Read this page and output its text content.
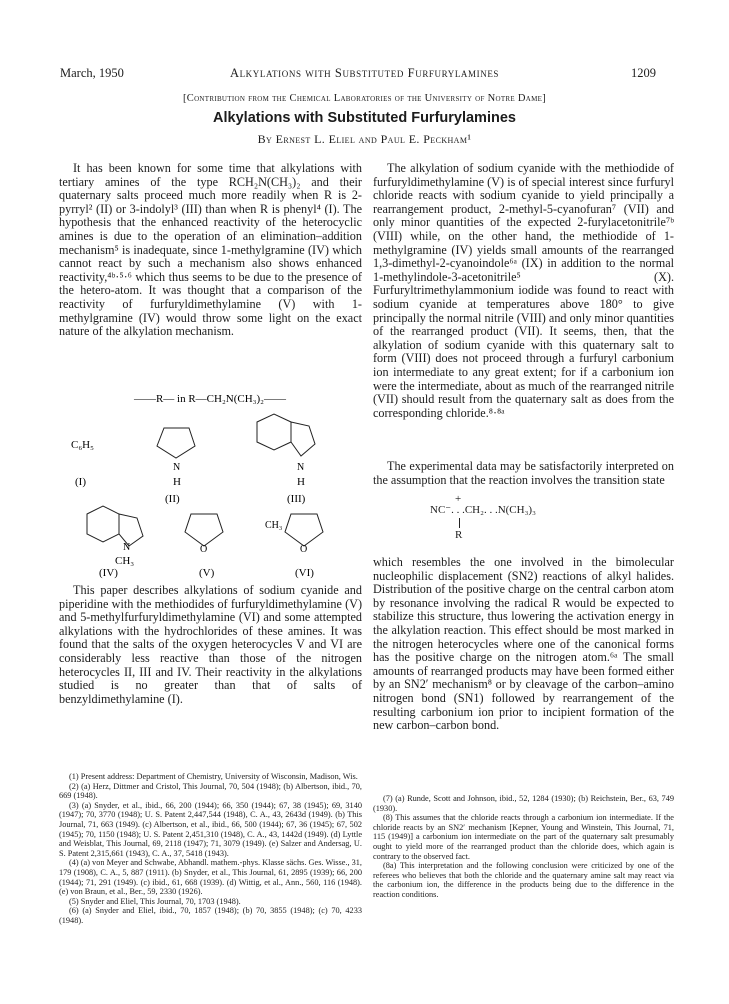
March, 1950	Alkylations with Substituted Furfurylamines	1209
[Contribution from the Chemical Laboratories of the University of Notre Dame]
Alkylations with Substituted Furfurylamines
By Ernest L. Eliel and Paul E. Peckham¹

It has been known for some time that alkylations with tertiary amines of the type RCH₂N(CH₃)₂ and their quaternary salts proceed much more readily when R is 2-pyrryl² (II) or 3-indolyl³ (III) than when R is phenyl⁴ (I). The hypothesis that the enhanced reactivity of the heterocyclic amines is due to the operation of an elimination–addition mechanism⁵ is inadequate, since 1-methylgramine (IV) which cannot react by such a mechanism also shows enhanced reactivity,⁴ᵇ·⁵·⁶ which thus seems to be due to the presence of the hetero-atom. It was thought that a comparison of the reactivity of furfuryldimethylamine (V) with 1-methylgramine (IV) would throw some light on the exact nature of the alkylation mechanism.

——R— in R—CH₂N(CH₃)₂——
C₆H₅
N
H
N
H
(I)
(II)	(III)
N
CH₃
O
CH₃
O
(IV)	(V)	(VI)

This paper describes alkylations of sodium cyanide and piperidine with the methiodides of furfuryldimethylamine (V) and 5-methylfurfuryldimethylamine (VI) and some attempted alkylations with the hydrochlorides of these amines. It was found that the salts of the oxygen heterocycles V and VI are considerably less reactive than those of the nitrogen heterocycles II, III and IV. Their reactivity in the alkylations studied is no greater than that of salts of benzyldimethylamine (I).

(1) Present address: Department of Chemistry, University of Wisconsin, Madison, Wis.

(2) (a) Herz, Dittmer and Cristol, This Journal, 70, 504 (1948); (b) Albertson, ibid., 70, 669 (1948).

(3) (a) Snyder, et al., ibid., 66, 200 (1944); 66, 350 (1944); 67, 38 (1945); 69, 3140 (1947); 70, 3770 (1948); U. S. Patent 2,447,544 (1948), C. A., 43, 2643d (1949). (b) This Journal, 71, 663 (1949). (c) Albertson, et al., ibid., 66, 500 (1944); 67, 36 (1945); 67, 502 (1945); 70, 1150 (1948); U. S. Patent 2,451,310 (1948), C. A., 43, 1442d (1949). (d) Lyttle and Weisblat, This Journal, 69, 2118 (1947); 71, 3079 (1949). (e) Salzer and Andersag, U. S. Patent 2,315,661 (1943), C. A., 37, 5418 (1943).

(4) (a) von Meyer and Schwabe, Abhandl. mathem.-phys. Klasse sächs. Ges. Wisse., 31, 179 (1908), C. A., 5, 887 (1911). (b) Snyder, et al., This Journal, 61, 2895 (1939); 66, 200 (1944); 71, 291 (1949). (c) ibid., 61, 668 (1939). (d) Wittig, et al., Ann., 560, 116 (1948). (e) von Braun, et al., Ber., 59, 2330 (1926).

(5) Snyder and Eliel, This Journal, 70, 1703 (1948).

(6) (a) Snyder and Eliel, ibid., 70, 1857 (1948); (b) 70, 3855 (1948); (c) 70, 4233 (1948).

The alkylation of sodium cyanide with the methiodide of furfuryldimethylamine (V) is of special interest since furfuryl chloride reacts with sodium cyanide to yield principally a rearrangement product, 2-methyl-5-cyanofuran⁷ (VII) and only minor quantities of the expected 2-furylacetonitrile⁷ᵇ (VIII) while, on the other hand, the methiodide of 1-methylgramine (IV) yields small amounts of the rearranged 1,3-dimethyl-2-cyanoindole⁶ᵃ (IX) in addition to the normal 1-methylindole-3-acetonitrile⁵ (X). Furfuryltrimethylammonium iodide was found to react with sodium cyanide at temperatures above 180° to give principally the normal nitrile (VIII) and only minor quantities of the rearranged product (VII). It seems, then, that the alkylation of sodium cyanide with this quaternary salt to form (VIII) does not proceed through a furfuryl carbonium ion intermediate to any great extent; for if a carbonium ion were the intermediate, about as much of the rearranged nitrile (VII) should result from the quaternary salt as does from the corresponding chloride.⁸·⁸ᵃ

The experimental data may be satisfactorily interpreted on the assumption that the reaction involves the transition state

+
NC⁻. . .CH₂. . .N(CH₃)₃
R

which resembles the one involved in the bimolecular nucleophilic displacement (SN2) reactions of alkyl halides. Distribution of the positive charge on the central carbon atom by resonance involving the radical R would be expected to stabilize this structure, thus lowering the activation energy in the alkylation reaction. This effect should be most marked in the nitrogen heterocycles where one of the canonical forms has the positive charge on the nitrogen atom.⁶ᵃ The small amounts of rearranged products may have been formed either by an SN2′ mechanism⁸ or by cleavage of the carbon–amino nitrogen bond (SN1) followed by rearrangement of the resulting carbonium ion prior to incipient formation of the new carbon–carbon bond.

(7) (a) Runde, Scott and Johnson, ibid., 52, 1284 (1930); (b) Reichstein, Ber., 63, 749 (1930).

(8) This assumes that the chloride reacts through a carbonium ion intermediate. If the chloride reacts by an SN2′ mechanism [Kepner, Young and Winstein, This Journal, 71, 115 (1949)] a carbonium ion intermediate on the part of the quaternary salt presumably ought to yield more of the rearranged product than the chloride does, which again is contrary to the observed fact.

(8a) This interpretation and the following conclusion were criticized by one of the referees who believes that both the chloride and the quaternary amine salt may react via the carbonium ion, the difference in the products being due to the difference in the reaction conditions.
